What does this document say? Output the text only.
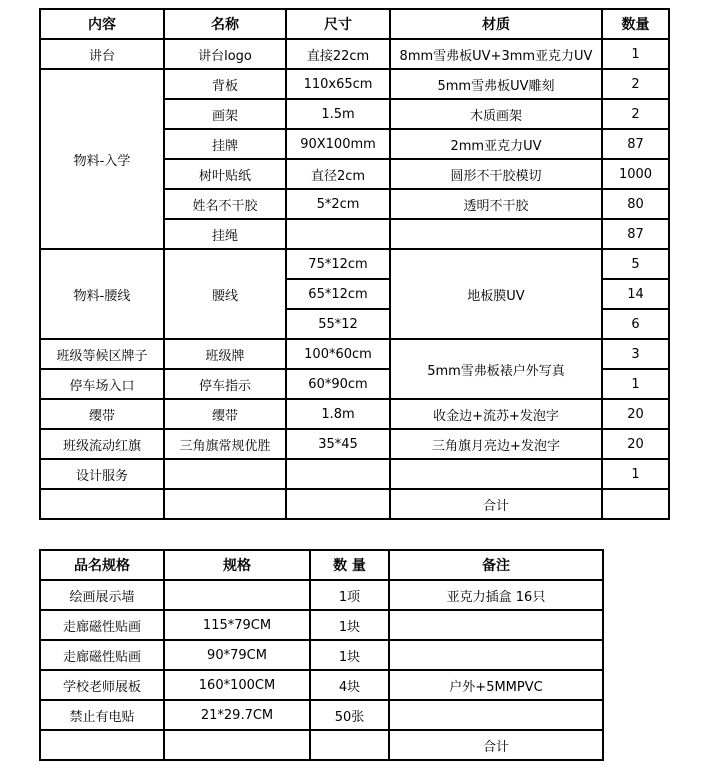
内容	名称	尺寸	材质	数量
讲台	讲台logo	直接22cm	8mm雪弗板UV+3mm亚克力UV	1
物料-入学	背板	110x65cm	5mm雪弗板UV雕刻	2
	画架	1.5m	木质画架	2
	挂牌	90X100mm	2mm亚克力UV	87
	树叶贴纸	直径2cm	圆形不干胶模切	1000
	姓名不干胶	5*2cm	透明不干胶	80
	挂绳			87
物料-腰线	腰线	75*12cm	地板膜UV	5
		65*12cm		14
		55*12		6
班级等候区牌子	班级牌	100*60cm	5mm雪弗板裱户外写真	3
停车场入口	停车指示	60*90cm		1
缨带	缨带	1.8m	收金边+流苏+发泡字	20
班级流动红旗	三角旗常规优胜	35*45	三角旗月亮边+发泡字	20
设计服务				1
			合计	
品名规格	规格	数 量	备注
绘画展示墙		1项	亚克力插盒 16只
走廊磁性贴画	115*79CM	1块	
走廊磁性贴画	90*79CM	1块	
学校老师展板	160*100CM	4块	户外+5MMPVC
禁止有电贴	21*29.7CM	50张	
			合计
